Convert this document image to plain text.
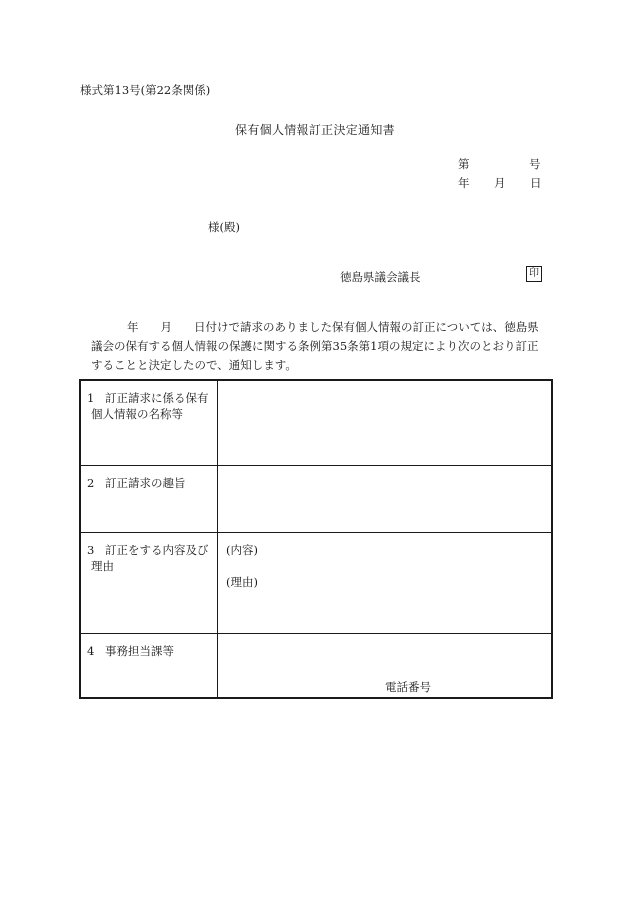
様式第13号(第22条関係)
保有個人情報訂正決定通知書
第	号
年 月 日
様(殿)
徳島県議会議長	印
年 月 日付けで請求のありました保有個人情報の訂正については、徳島県
議会の保有する個人情報の保護に関する条例第35条第1項の規定により次のとおり訂正
することと決定したので、通知します。
1 訂正請求に係る保有
個人情報の名称等
2 訂正請求の趣旨
3 訂正をする内容及び
理由
(内容)
(理由)
4 事務担当課等
電話番号
